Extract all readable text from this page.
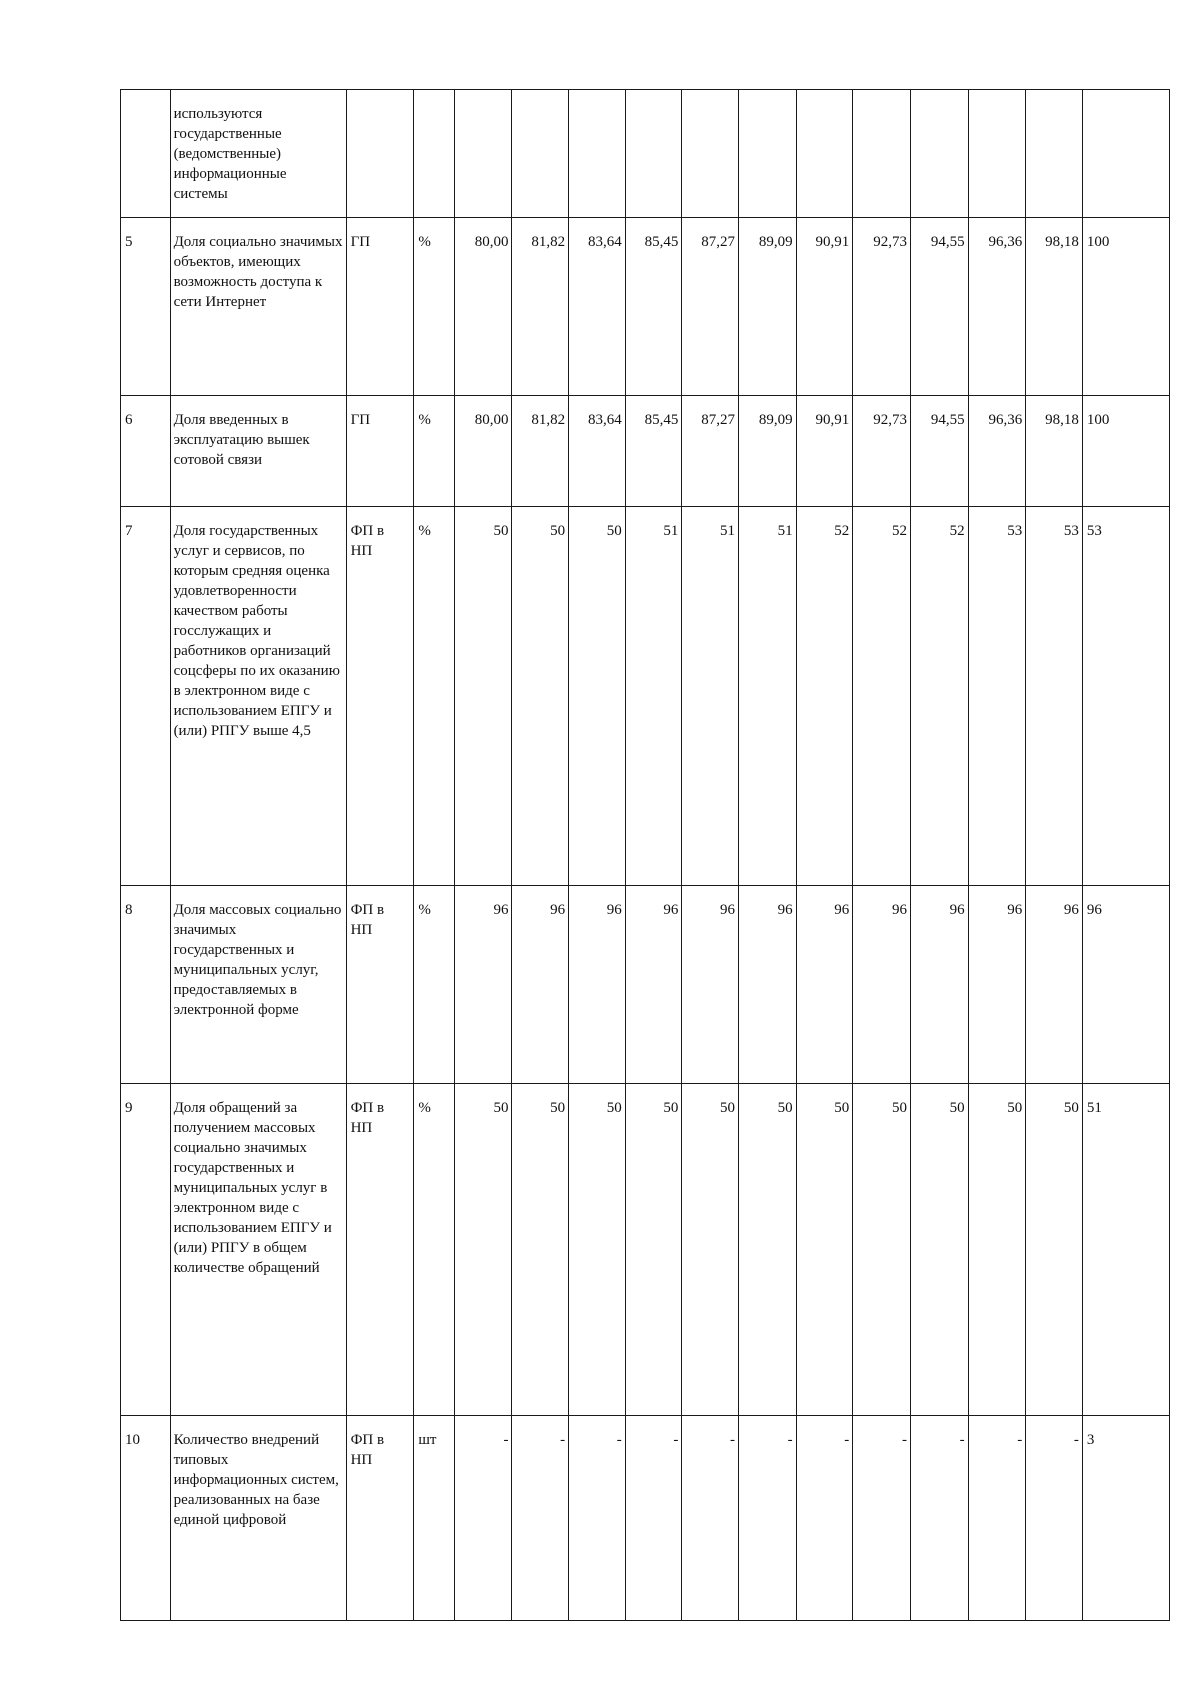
	используются государственные (ведомственные) информационные системы														
5	Доля социально значимых объектов, имеющих возможность доступа к сети Интернет	ГП	%	80,00	81,82	83,64	85,45	87,27	89,09	90,91	92,73	94,55	96,36	98,18	100
6	Доля введенных в эксплуатацию вышек сотовой связи	ГП	%	80,00	81,82	83,64	85,45	87,27	89,09	90,91	92,73	94,55	96,36	98,18	100
7	Доля государственных услуг и сервисов, по которым средняя оценка удовлетворенности качеством работы госслужащих и работников организаций соцсферы по их оказанию в электронном виде с использованием ЕПГУ и (или) РПГУ выше 4,5	ФП в НП	%	50	50	50	51	51	51	52	52	52	53	53	53
8	Доля массовых социально значимых государственных и муниципальных услуг, предоставляемых в электронной форме	ФП в НП	%	96	96	96	96	96	96	96	96	96	96	96	96
9	Доля обращений за получением массовых социально значимых государственных и муниципальных услуг в электронном виде с использованием ЕПГУ и (или) РПГУ в общем количестве обращений	ФП в НП	%	50	50	50	50	50	50	50	50	50	50	50	51
10	Количество внедрений типовых информационных систем, реализованных на базе единой цифровой	ФП в НП	шт	-	-	-	-	-	-	-	-	-	-	-	3
